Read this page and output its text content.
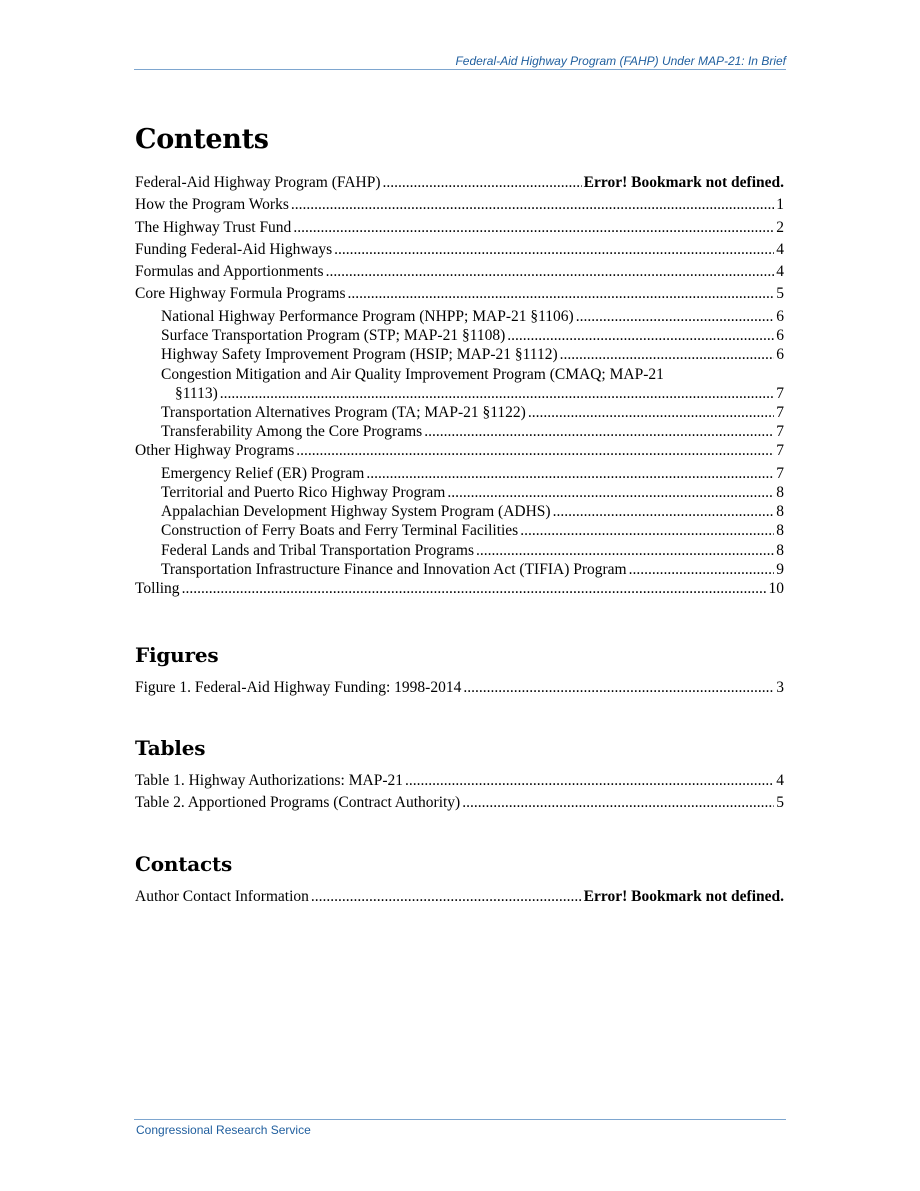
Federal-Aid Highway Program (FAHP) Under MAP-21: In Brief
Contents
Federal-Aid Highway Program (FAHP) .....	Error! Bookmark not defined.
How the Program Works .....	1
The Highway Trust Fund .....	2
Funding Federal-Aid Highways .....	4
Formulas and Apportionments .....	4
Core Highway Formula Programs .....	5
National Highway Performance Program (NHPP; MAP-21 §1106) .....	6
Surface Transportation Program (STP; MAP-21 §1108) .....	6
Highway Safety Improvement Program (HSIP; MAP-21 §1112) .....	6
Congestion Mitigation and Air Quality Improvement Program (CMAQ; MAP-21
§1113) .....	7
Transportation Alternatives Program (TA; MAP-21 §1122) .....	7
Transferability Among the Core Programs .....	7
Other Highway Programs .....	7
Emergency Relief (ER) Program .....	7
Territorial and Puerto Rico Highway Program .....	8
Appalachian Development Highway System Program (ADHS) .....	8
Construction of Ferry Boats and Ferry Terminal Facilities .....	8
Federal Lands and Tribal Transportation Programs .....	8
Transportation Infrastructure Finance and Innovation Act (TIFIA) Program .....	9
Tolling .....	10
Figures
Figure 1. Federal-Aid Highway Funding: 1998-2014 .....	3
Tables
Table 1. Highway Authorizations: MAP-21 .....	4
Table 2. Apportioned Programs (Contract Authority) .....	5
Contacts
Author Contact Information .....	Error! Bookmark not defined.
Congressional Research Service
